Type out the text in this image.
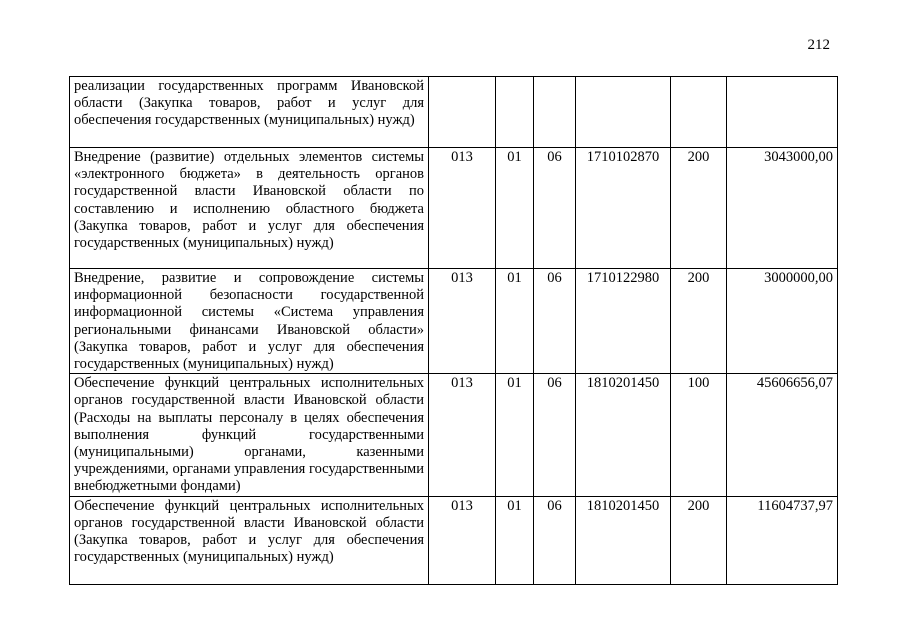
212
реализации государственных программ Ивановской области (Закупка товаров, работ и услуг для обеспечения государственных (муниципальных) нужд)						
Внедрение (развитие) отдельных элементов системы «электронного бюджета» в деятельность органов государственной власти Ивановской области по составлению и исполнению областного бюджета (Закупка товаров, работ и услуг для обеспечения государственных (муниципальных) нужд)	013	01	06	1710102870	200	3043000,00
Внедрение, развитие и сопровождение системы информационной безопасности государственной информационной системы «Система управления региональными финансами Ивановской области» (Закупка товаров, работ и услуг для обеспечения государственных (муниципальных) нужд)	013	01	06	1710122980	200	3000000,00
Обеспечение функций центральных исполнительных органов государственной власти Ивановской области (Расходы на выплаты персоналу в целях обеспечения выполнения функций государственными (муниципальными) органами, казенными учреждениями, органами управления государственными внебюджетными фондами)	013	01	06	1810201450	100	45606656,07
Обеспечение функций центральных исполнительных органов государственной власти Ивановской области (Закупка товаров, работ и услуг для обеспечения государственных (муниципальных) нужд)	013	01	06	1810201450	200	11604737,97
